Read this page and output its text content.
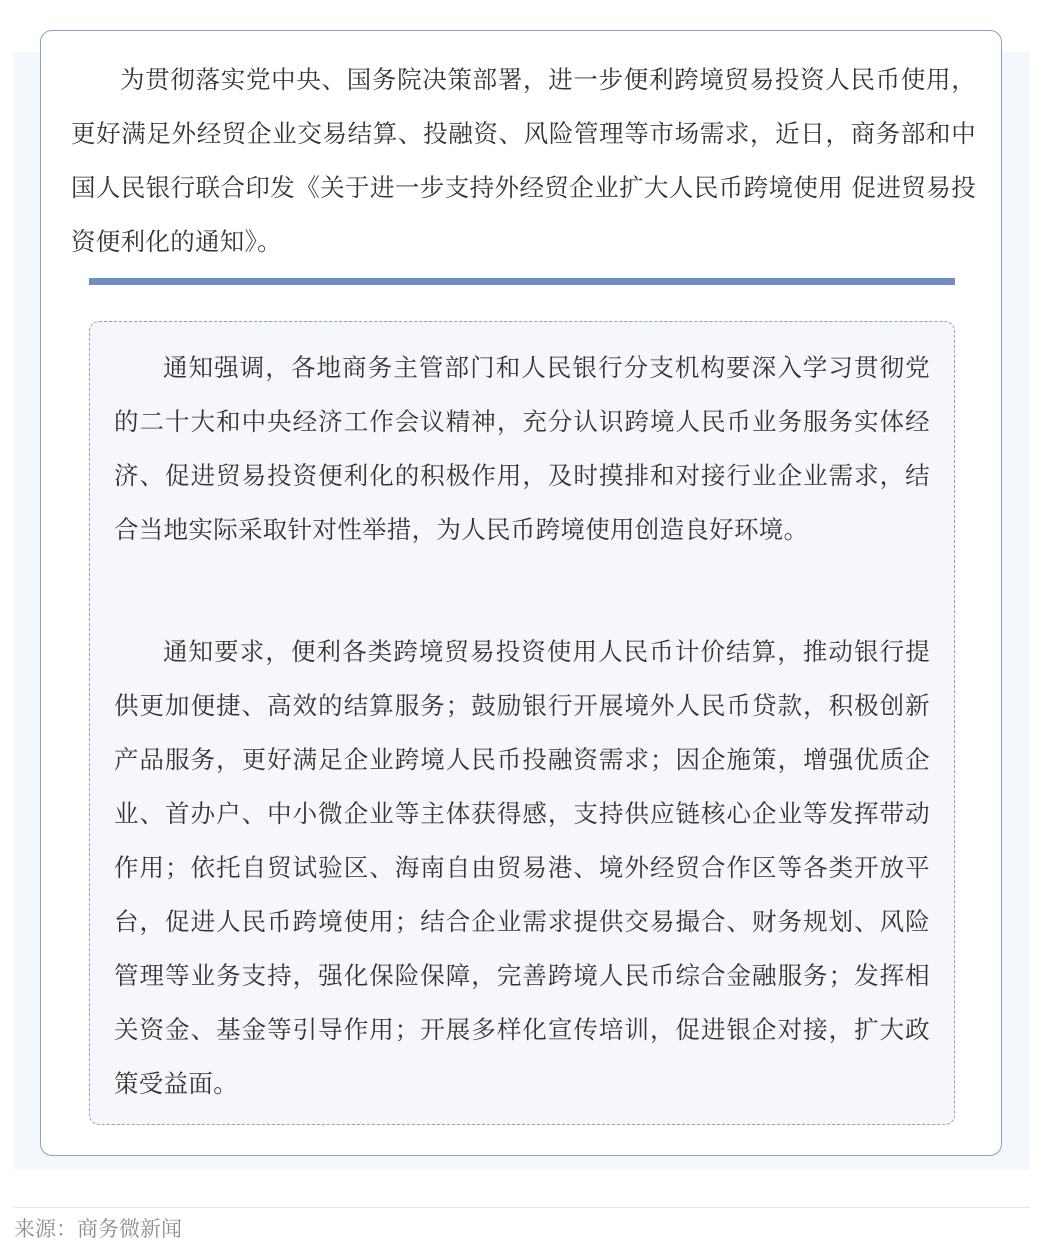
为贯彻落实党中央、国务院决策部署，进一步便利跨境贸易投资人民币使用，更好满足外经贸企业交易结算、投融资、风险管理等市场需求，近日，商务部和中国人民银行联合印发《关于进一步支持外经贸企业扩大人民币跨境使用 促进贸易投资便利化的通知》。

通知强调，各地商务主管部门和人民银行分支机构要深入学习贯彻党的二十大和中央经济工作会议精神，充分认识跨境人民币业务服务实体经济、促进贸易投资便利化的积极作用，及时摸排和对接行业企业需求，结合当地实际采取针对性举措，为人民币跨境使用创造良好环境。

通知要求，便利各类跨境贸易投资使用人民币计价结算，推动银行提供更加便捷、高效的结算服务；鼓励银行开展境外人民币贷款，积极创新产品服务，更好满足企业跨境人民币投融资需求；因企施策，增强优质企业、首办户、中小微企业等主体获得感，支持供应链核心企业等发挥带动作用；依托自贸试验区、海南自由贸易港、境外经贸合作区等各类开放平台，促进人民币跨境使用；结合企业需求提供交易撮合、财务规划、风险管理等业务支持，强化保险保障，完善跨境人民币综合金融服务；发挥相关资金、基金等引导作用；开展多样化宣传培训，促进银企对接，扩大政策受益面。

来源：商务微新闻
